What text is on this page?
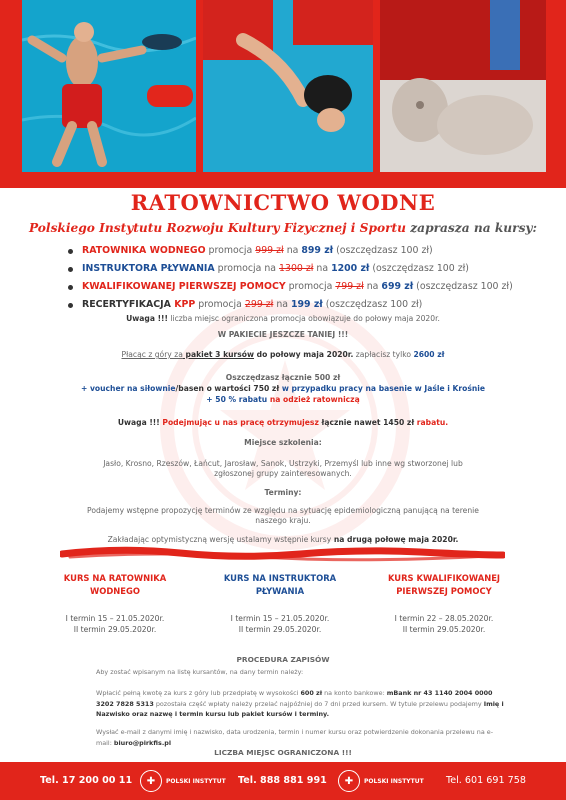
RATOWNICTWO WODNE
Polskiego Instytutu Rozwoju Kultury Fizycznej i Sportu zaprasza na kursy:
RATOWNIKA WODNEGO promocja 999 zł na 899 zł (oszczędzasz 100 zł)
INSTRUKTORA PŁYWANIA promocja na 1300 zł na 1200 zł (oszczędzasz 100 zł)
KWALIFIKOWANEJ PIERWSZEJ POMOCY promocja 799 zł na 699 zł (oszczędzasz 100 zł)
RECERTYFIKACJA KPP promocja 299 zł na 199 zł (oszczędzasz 100 zł)
Uwaga !!! liczba miejsc ograniczona promocja obowiązuje do połowy maja 2020r.
W PAKIECIE JESZCZE TANIEJ !!!
Płacąc z góry za pakiet 3 kursów do połowy maja 2020r. zapłacisz tylko 2600 zł
Oszczędzasz łącznie 500 zł
+ voucher na siłownie/basen o wartości 750 zł w przypadku pracy na basenie w Jaśle i Krośnie
+ 50 % rabatu na odzież ratowniczą
Uwaga !!! Podejmując u nas pracę otrzymujesz łącznie nawet 1450 zł rabatu.
Miejsce szkolenia:
Jasło, Krosno, Rzeszów, Łańcut, Jarosław, Sanok, Ustrzyki, Przemyśl lub inne wg stworzonej lub
zgłoszonej grupy zainteresowanych.
Terminy:
Podajemy wstępne propozycję terminów ze względu na sytuację epidemiologiczną panującą na terenie
naszego kraju.
Zakładając optymistyczną wersję ustalamy wstępnie kursy na drugą połowę maja 2020r.
KURS NA RATOWNIKA
WODNEGO
KURS NA INSTRUKTORA
PŁYWANIA
KURS KWALIFIKOWANEJ
PIERWSZEJ POMOCY
I termin 15 – 21.05.2020r.
II termin 29.05.2020r.
I termin 15 – 21.05.2020r.
II termin 29.05.2020r.
I termin 22 – 28.05.2020r.
II termin 29.05.2020r.
PROCEDURA ZAPISÓW
Aby zostać wpisanym na listę kursantów, na dany termin należy:
Wpłacić pełną kwotę za kurs z góry lub przedpłatę w wysokości 600 zł na konto bankowe: mBank nr 43 1140 2004 0000 3202 7828 5313 pozostała część wpłaty należy przelać najpóźniej do 7 dni przed kursem. W tytule przelewu podajemy Imię i Nazwisko oraz nazwę i termin kursu lub pakiet kursów i terminy.
Wysłać e-mail z danymi imię i nazwisko, data urodzenia, termin i numer kursu oraz potwierdzenie dokonania przelewu na e-mail: biuro@pirkfis.pl
LICZBA MIEJSC OGRANICZONA !!!
Tel. 17 200 00 11	✚	POLSKI INSTYTUT Tel. 888 881 991	✚	POLSKI INSTYTUT Tel. 601 691 758
